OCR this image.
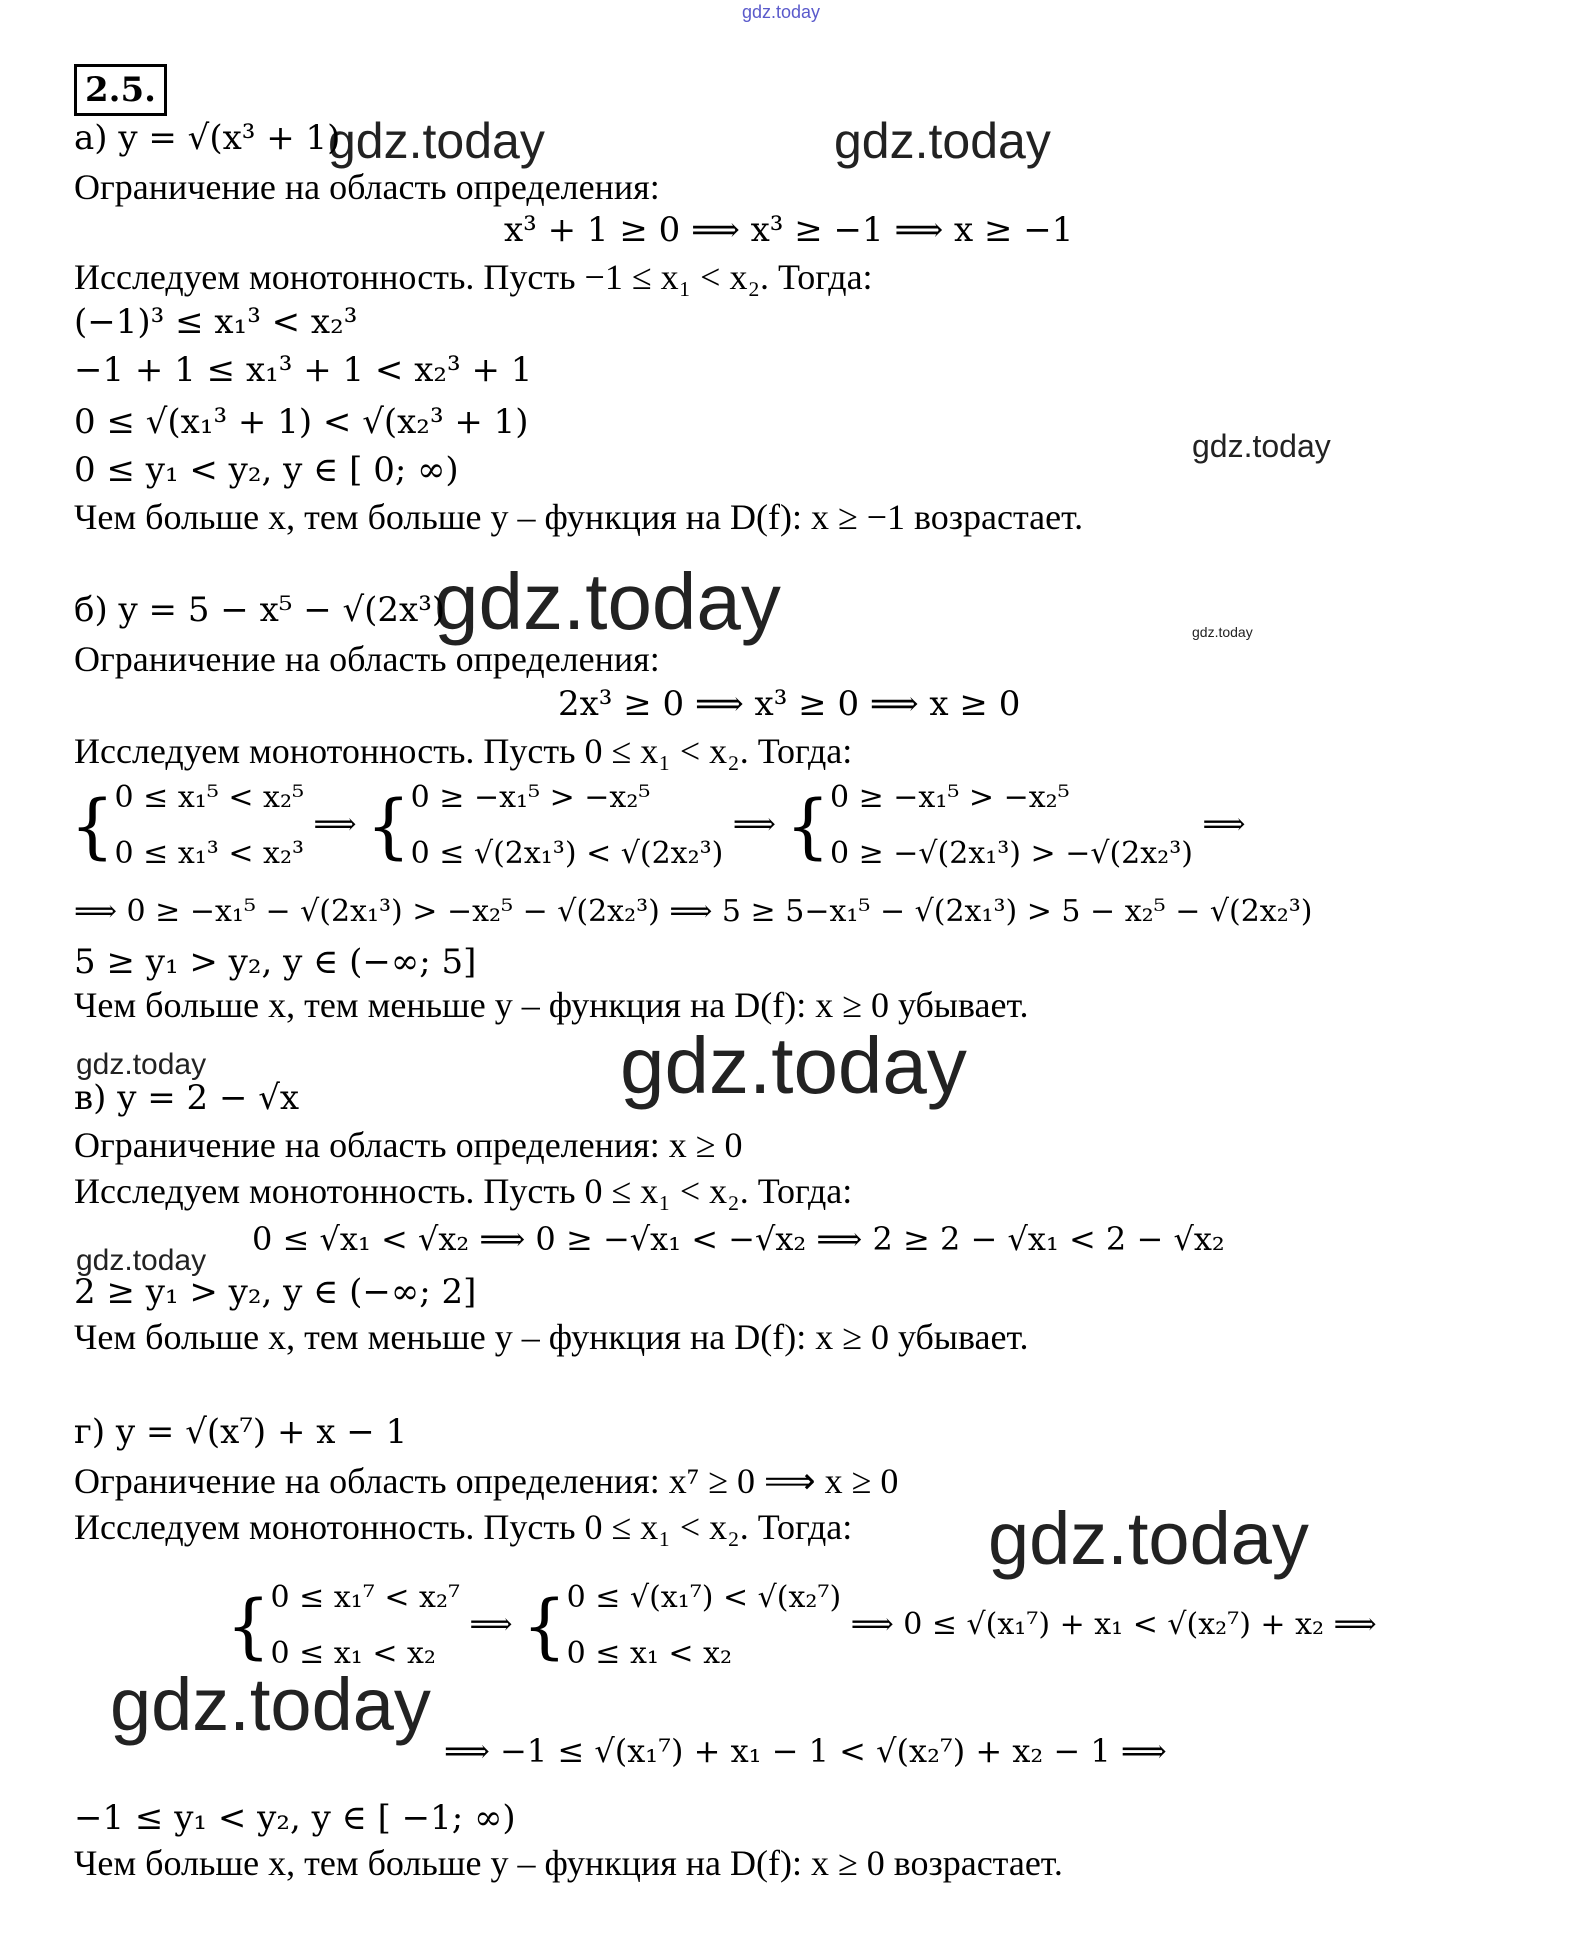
gdz.today
gdz.today	gdz.today
gdz.today
gdz.today	gdz.today
gdz.today	gdz.today
gdz.today
gdz.today
gdz.today
2.5.
а) y = √(x³ + 1)
Ограничение на область определения:
x³ + 1 ≥ 0 ⟹ x³ ≥ −1 ⟹ x ≥ −1
Исследуем монотонность. Пусть −1 ≤ x₁ < x₂. Тогда:
(−1)³ ≤ x₁³ < x₂³
−1 + 1 ≤ x₁³ + 1 < x₂³ + 1
0 ≤ √(x₁³ + 1) < √(x₂³ + 1)
0 ≤ y₁ < y₂, y ∈ [ 0; ∞)
Чем больше x, тем больше y – функция на D(f): x ≥ −1 возрастает.
б) y = 5 − x⁵ − √(2x³)
Ограничение на область определения:
2x³ ≥ 0 ⟹ x³ ≥ 0 ⟹ x ≥ 0
Исследуем монотонность. Пусть 0 ≤ x₁ < x₂. Тогда:
{ 0 ≤ x₁⁵ < x₂⁵
0 ≤ x₁³ < x₂³
⟹ { 0 ≥ −x₁⁵ > −x₂⁵
0 ≤ √(2x₁³) < √(2x₂³)
⟹ { 0 ≥ −x₁⁵ > −x₂⁵
0 ≥ −√(2x₁³) > −√(2x₂³)
⟹
⟹ 0 ≥ −x₁⁵ − √(2x₁³) > −x₂⁵ − √(2x₂³) ⟹ 5 ≥ 5−x₁⁵ − √(2x₁³) > 5 − x₂⁵ − √(2x₂³)
5 ≥ y₁ > y₂, y ∈ (−∞; 5]
Чем больше x, тем меньше y – функция на D(f): x ≥ 0 убывает.
в) y = 2 − √x
Ограничение на область определения: x ≥ 0
Исследуем монотонность. Пусть 0 ≤ x₁ < x₂. Тогда:
0 ≤ √x₁ < √x₂ ⟹ 0 ≥ −√x₁ < −√x₂ ⟹ 2 ≥ 2 − √x₁ < 2 − √x₂
2 ≥ y₁ > y₂, y ∈ (−∞; 2]
Чем больше x, тем меньше y – функция на D(f): x ≥ 0 убывает.
г) y = √(x⁷) + x − 1
Ограничение на область определения: x⁷ ≥ 0 ⟹ x ≥ 0
Исследуем монотонность. Пусть 0 ≤ x₁ < x₂. Тогда:
{ 0 ≤ x₁⁷ < x₂⁷
0 ≤ x₁ < x₂
⟹ { 0 ≤ √(x₁⁷) < √(x₂⁷)
0 ≤ x₁ < x₂
⟹ 0 ≤ √(x₁⁷) + x₁ < √(x₂⁷) + x₂ ⟹
⟹ −1 ≤ √(x₁⁷) + x₁ − 1 < √(x₂⁷) + x₂ − 1 ⟹
−1 ≤ y₁ < y₂, y ∈ [ −1; ∞)
Чем больше x, тем больше y – функция на D(f): x ≥ 0 возрастает.
